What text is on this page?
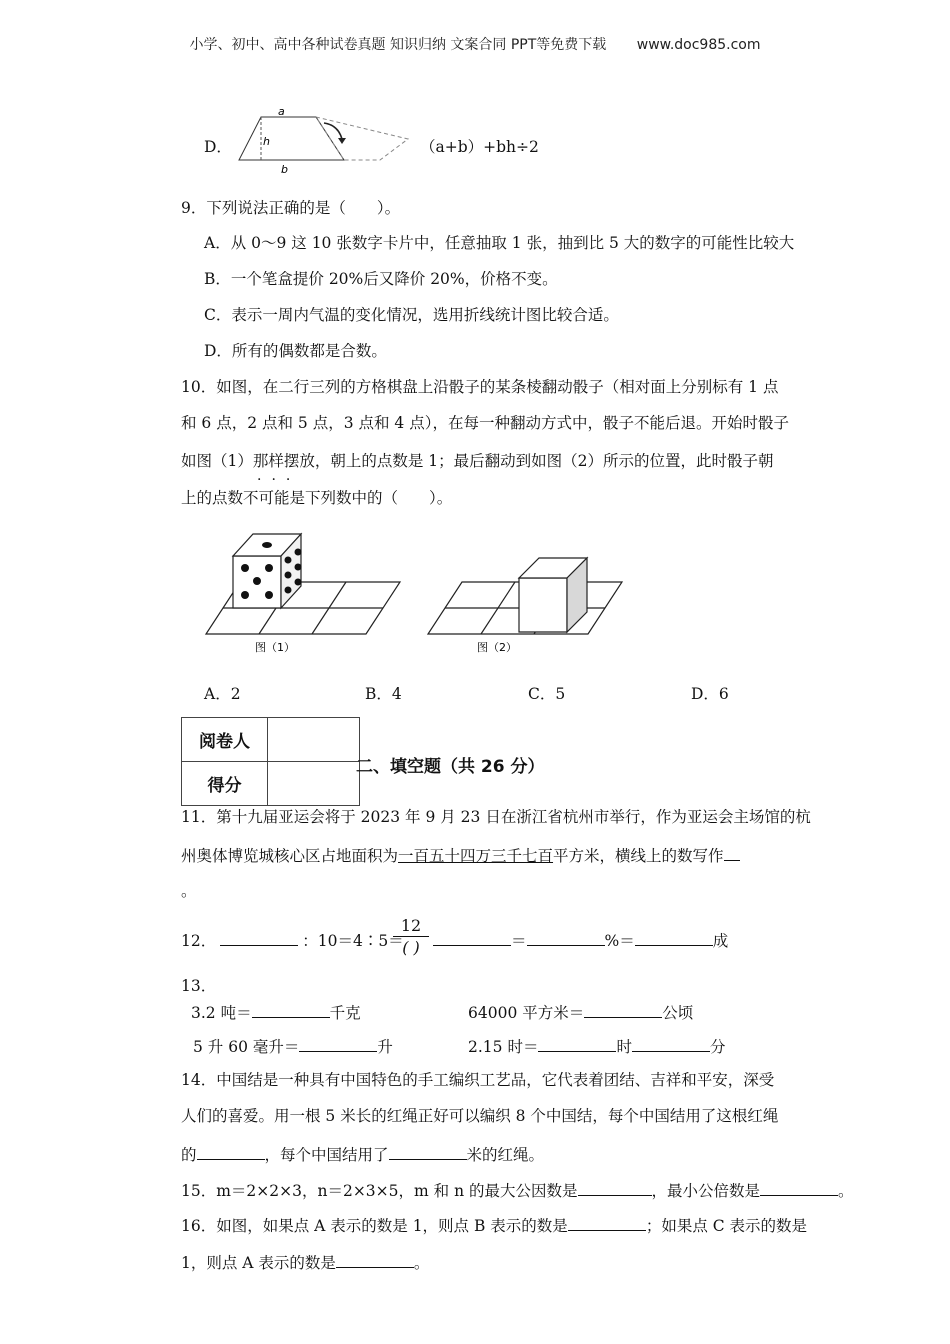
小学、初中、高中各种试卷真题 知识归纳 文案合同 PPT等免费下载 www.doc985.com
D．
a
h
b
（a+b）+bh÷2
9．下列说法正确的是（　　）。
A．从 0～9 这 10 张数字卡片中，任意抽取 1 张，抽到比 5 大的数字的可能性比较大
B．一个笔盒提价 20%后又降价 20%，价格不变。
C．表示一周内气温的变化情况，选用折线统计图比较合适。
D．所有的偶数都是合数。
10．如图，在二行三列的方格棋盘上沿骰子的某条棱翻动骰子（相对面上分别标有 1 点
和 6 点，2 点和 5 点，3 点和 4 点），在每一种翻动方式中，骰子不能后退。开始时骰子
如图（1）那样摆放，朝上的点数是 1；最后翻动到如图（2）所示的位置，此时骰子朝
···
上的点数不可能是下列数中的（　　）。
图（1）	图（2）
A．2	B．4	C．5	D．6
阅卷人	
得分	
二、填空题（共 26 分）
11．第十九届亚运会将于 2023 年 9 月 23 日在浙江省杭州市举行，作为亚运会主场馆的杭
州奥体博览城核心区占地面积为一百五十四万三千七百平方米，横线上的数写作
。
12．	：10＝4∶5＝
12
( )	＝	%＝	成
13．
3.2 吨＝	千克	64000 平方米＝	公顷
5 升 60 毫升＝	升	2.15 时＝	时	分
14．中国结是一种具有中国特色的手工编织工艺品，它代表着团结、吉祥和平安，深受
人们的喜爱。用一根 5 米长的红绳正好可以编织 8 个中国结，每个中国结用了这根红绳
的	，每个中国结用了	米的红绳。
15．m＝2×2×3，n＝2×3×5，m 和 n 的最大公因数是	，最小公倍数是	。
16．如图，如果点 A 表示的数是 1，则点 B 表示的数是	；如果点 C 表示的数是
1，则点 A 表示的数是	。
